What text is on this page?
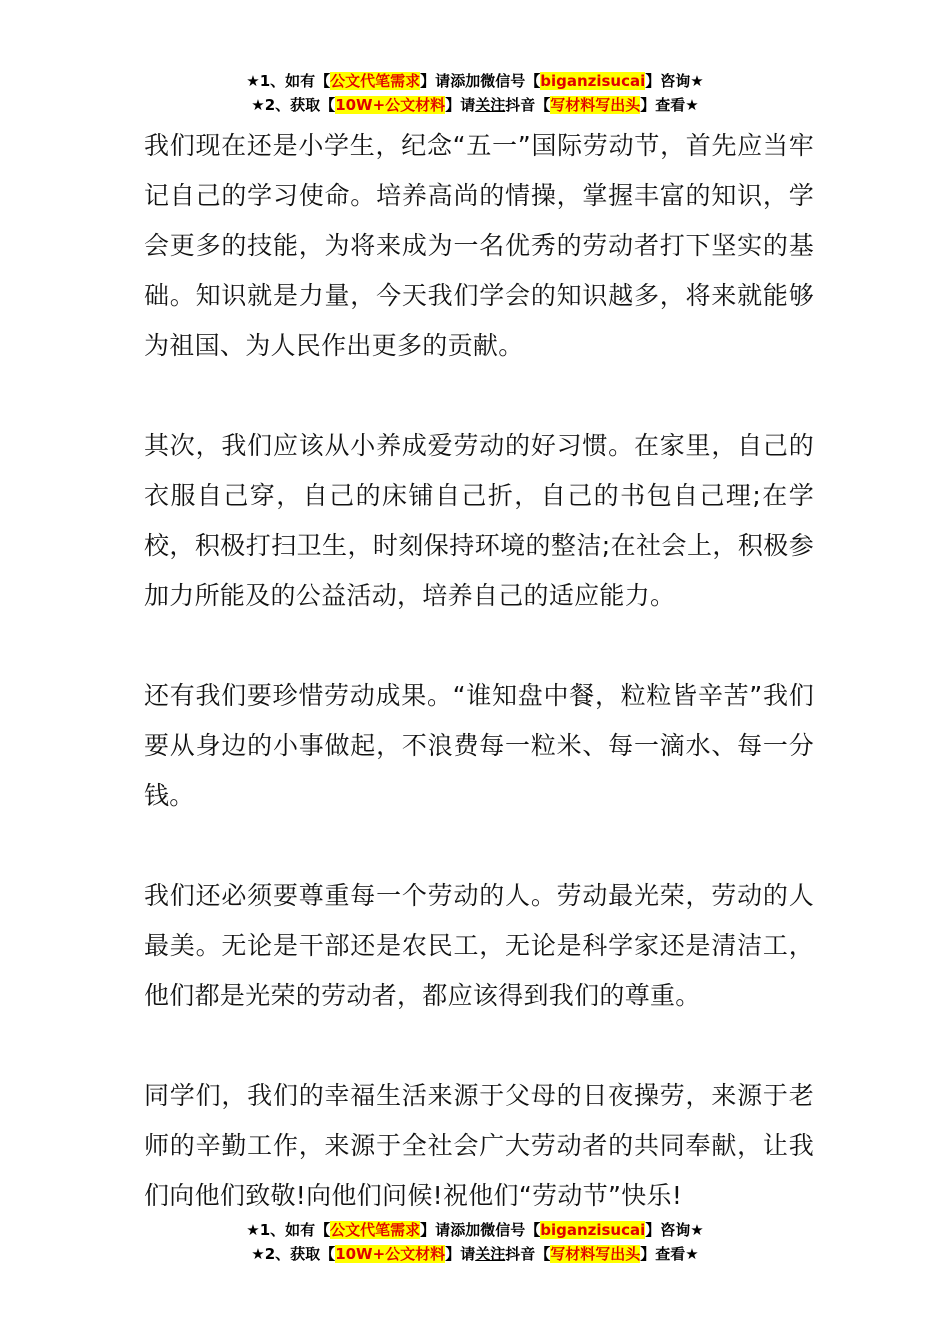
★1、如有【公文代笔需求】请添加微信号【biganzisucai】咨询★
★2、获取【10W+公文材料】请关注抖音【写材料写出头】查看★

我们现在还是小学生，纪念“五一”国际劳动节，首先应当牢记自己的学习使命。培养高尚的情操，掌握丰富的知识，学会更多的技能，为将来成为一名优秀的劳动者打下坚实的基础。知识就是力量，今天我们学会的知识越多，将来就能够为祖国、为人民作出更多的贡献。

其次，我们应该从小养成爱劳动的好习惯。在家里，自己的衣服自己穿，自己的床铺自己折，自己的书包自己理;在学校，积极打扫卫生，时刻保持环境的整洁;在社会上，积极参加力所能及的公益活动，培养自己的适应能力。

还有我们要珍惜劳动成果。“谁知盘中餐，粒粒皆辛苦”我们要从身边的小事做起，不浪费每一粒米、每一滴水、每一分钱。

我们还必须要尊重每一个劳动的人。劳动最光荣，劳动的人最美。无论是干部还是农民工，无论是科学家还是清洁工，他们都是光荣的劳动者，都应该得到我们的尊重。

同学们，我们的幸福生活来源于父母的日夜操劳，来源于老师的辛勤工作，来源于全社会广大劳动者的共同奉献，让我们向他们致敬!向他们问候!祝他们“劳动节”快乐!

★1、如有【公文代笔需求】请添加微信号【biganzisucai】咨询★
★2、获取【10W+公文材料】请关注抖音【写材料写出头】查看★
